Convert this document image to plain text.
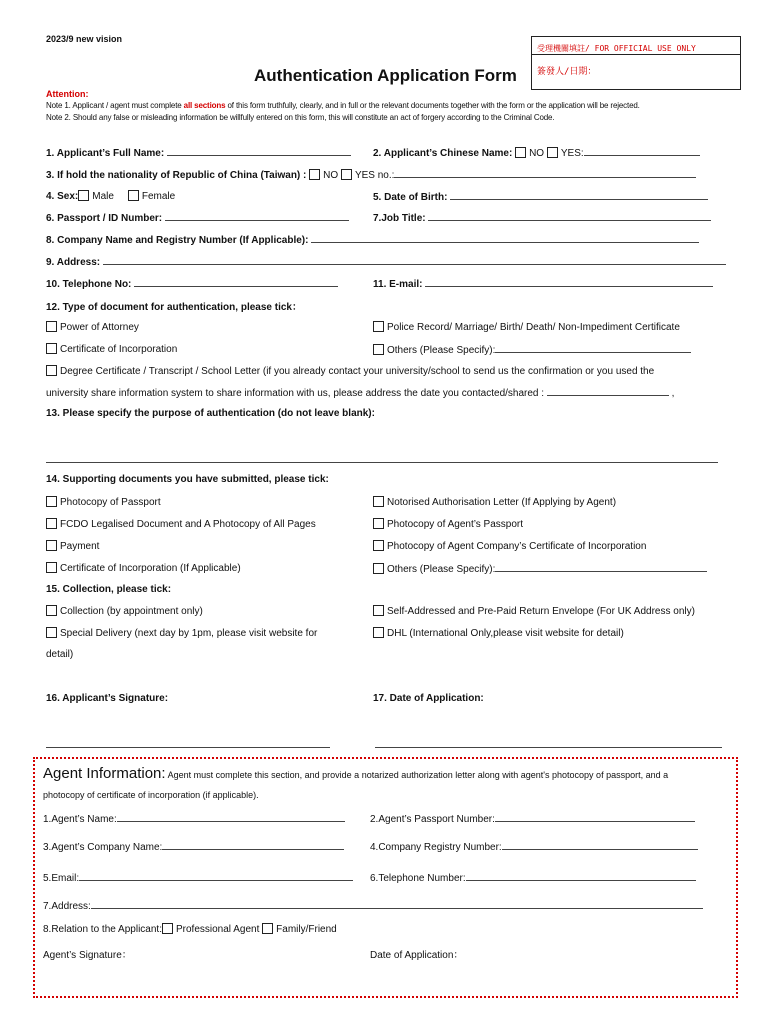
2023/9 new vision
受理機關填註/ FOR OFFICIAL USE ONLY
簽發人/日期：
Authentication Application Form
Attention:
Note 1. Applicant / agent must complete all sections of this form truthfully, clearly, and in full or the relevant documents together with the form or the application will be rejected.
Note 2. Should any false or misleading information be willfully entered on this form, this will constitute an act of forgery according to the Criminal Code.
1. Applicant’s Full Name:	2. Applicant’s Chinese Name: NO YES:
3. If hold the nationality of Republic of China (Taiwan) : NO YES no.:
4. Sex: Male	Female	5. Date of Birth:
6. Passport / ID Number:	7.Job Title:
8. Company Name and Registry Number (If Applicable):
9. Address:
10. Telephone No:	11. E-mail:
12. Type of document for authentication, please tick：
Power of Attorney	Police Record/ Marriage/ Birth/ Death/ Non-Impediment Certificate
Certificate of Incorporation	Others (Please Specify):
Degree Certificate / Transcript / School Letter (if you already contact your university/school to send us the confirmation or you used the
university share information system to share information with us, please address the date you contacted/shared :	,
13. Please specify the purpose of authentication (do not leave blank):
14. Supporting documents you have submitted, please tick:
Photocopy of Passport	Notorised Authorisation Letter (If Applying by Agent)
FCDO Legalised Document and A Photocopy of All Pages	Photocopy of Agent’s Passport
Payment	Photocopy of Agent Company’s Certificate of Incorporation
Certificate of Incorporation (If Applicable)	Others (Please Specify):
15. Collection, please tick:
Collection (by appointment only)	Self-Addressed and Pre-Paid Return Envelope (For UK Address only)
Special Delivery (next day by 1pm, please visit website for
detail)
DHL (International Only,please visit website for detail)
16. Applicant’s Signature:	17. Date of Application:
Agent Information: Agent must complete this section, and provide a notarized authorization letter along with agent's photocopy of passport, and a
photocopy of certificate of incorporation (if applicable).
1.Agent’s Name:	2.Agent’s Passport Number:
3.Agent’s Company Name:	4.Company Registry Number:
5.Email:	6.Telephone Number:
7.Address:
8.Relation to the Applicant: Professional Agent Family/Friend
Agent’s Signature：	Date of Application：
